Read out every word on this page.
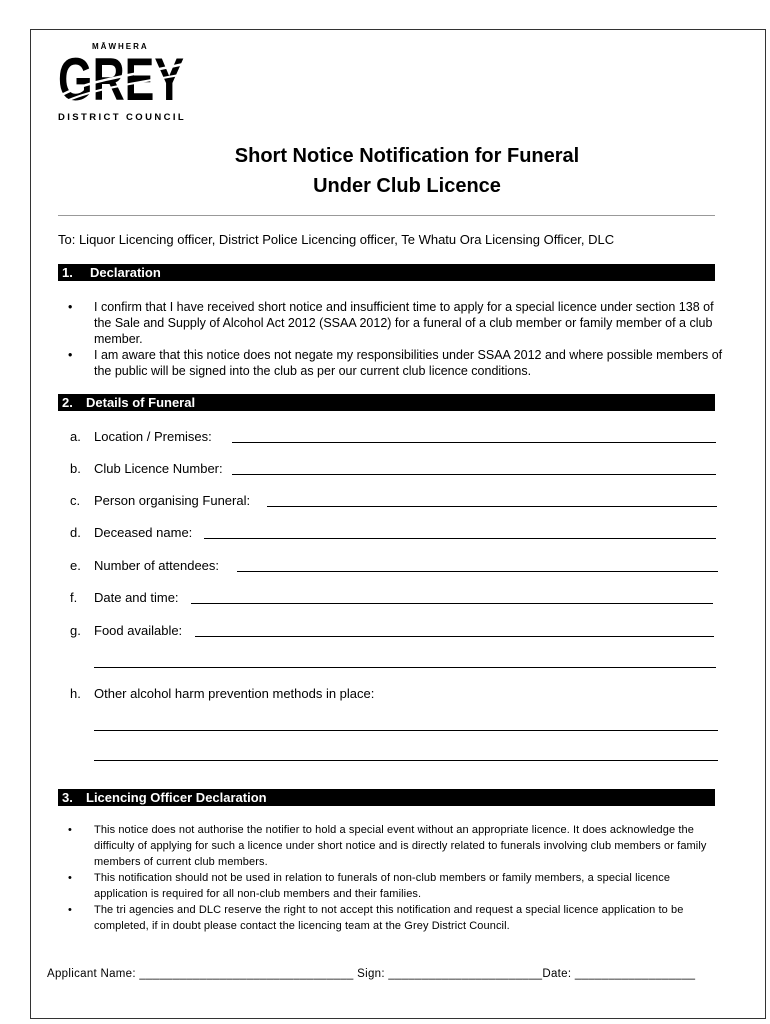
MĀWHERA
GREY
DISTRICT COUNCIL
Short Notice Notification for Funeral
Under Club Licence
To: Liquor Licencing officer, District Police Licencing officer, Te Whatu Ora Licensing Officer, DLC
1. Declaration
• I confirm that I have received short notice and insufficient time to apply for a special licence under section 138 of the Sale and Supply of Alcohol Act 2012 (SSAA 2012) for a funeral of a club member or family member of a club member.
• I am aware that this notice does not negate my responsibilities under SSAA 2012 and where possible members of the public will be signed into the club as per our current club licence conditions.
2. Details of Funeral
a. Location / Premises:
b. Club Licence Number:
c. Person organising Funeral:
d. Deceased name:
e. Number of attendees:
f. Date and time:
g. Food available:
h. Other alcohol harm prevention methods in place:
3. Licencing Officer Declaration
• This notice does not authorise the notifier to hold a special event without an appropriate licence. It does acknowledge the difficulty of applying for such a licence under short notice and is directly related to funerals involving club members or family members of current club members.
• This notification should not be used in relation to funerals of non-club members or family members, a special licence application is required for all non-club members and their families.
• The tri agencies and DLC reserve the right to not accept this notification and request a special licence application to be completed, if in doubt please contact the licencing team at the Grey District Council.
Applicant Name: ________________________________ Sign: _______________________Date: __________________
